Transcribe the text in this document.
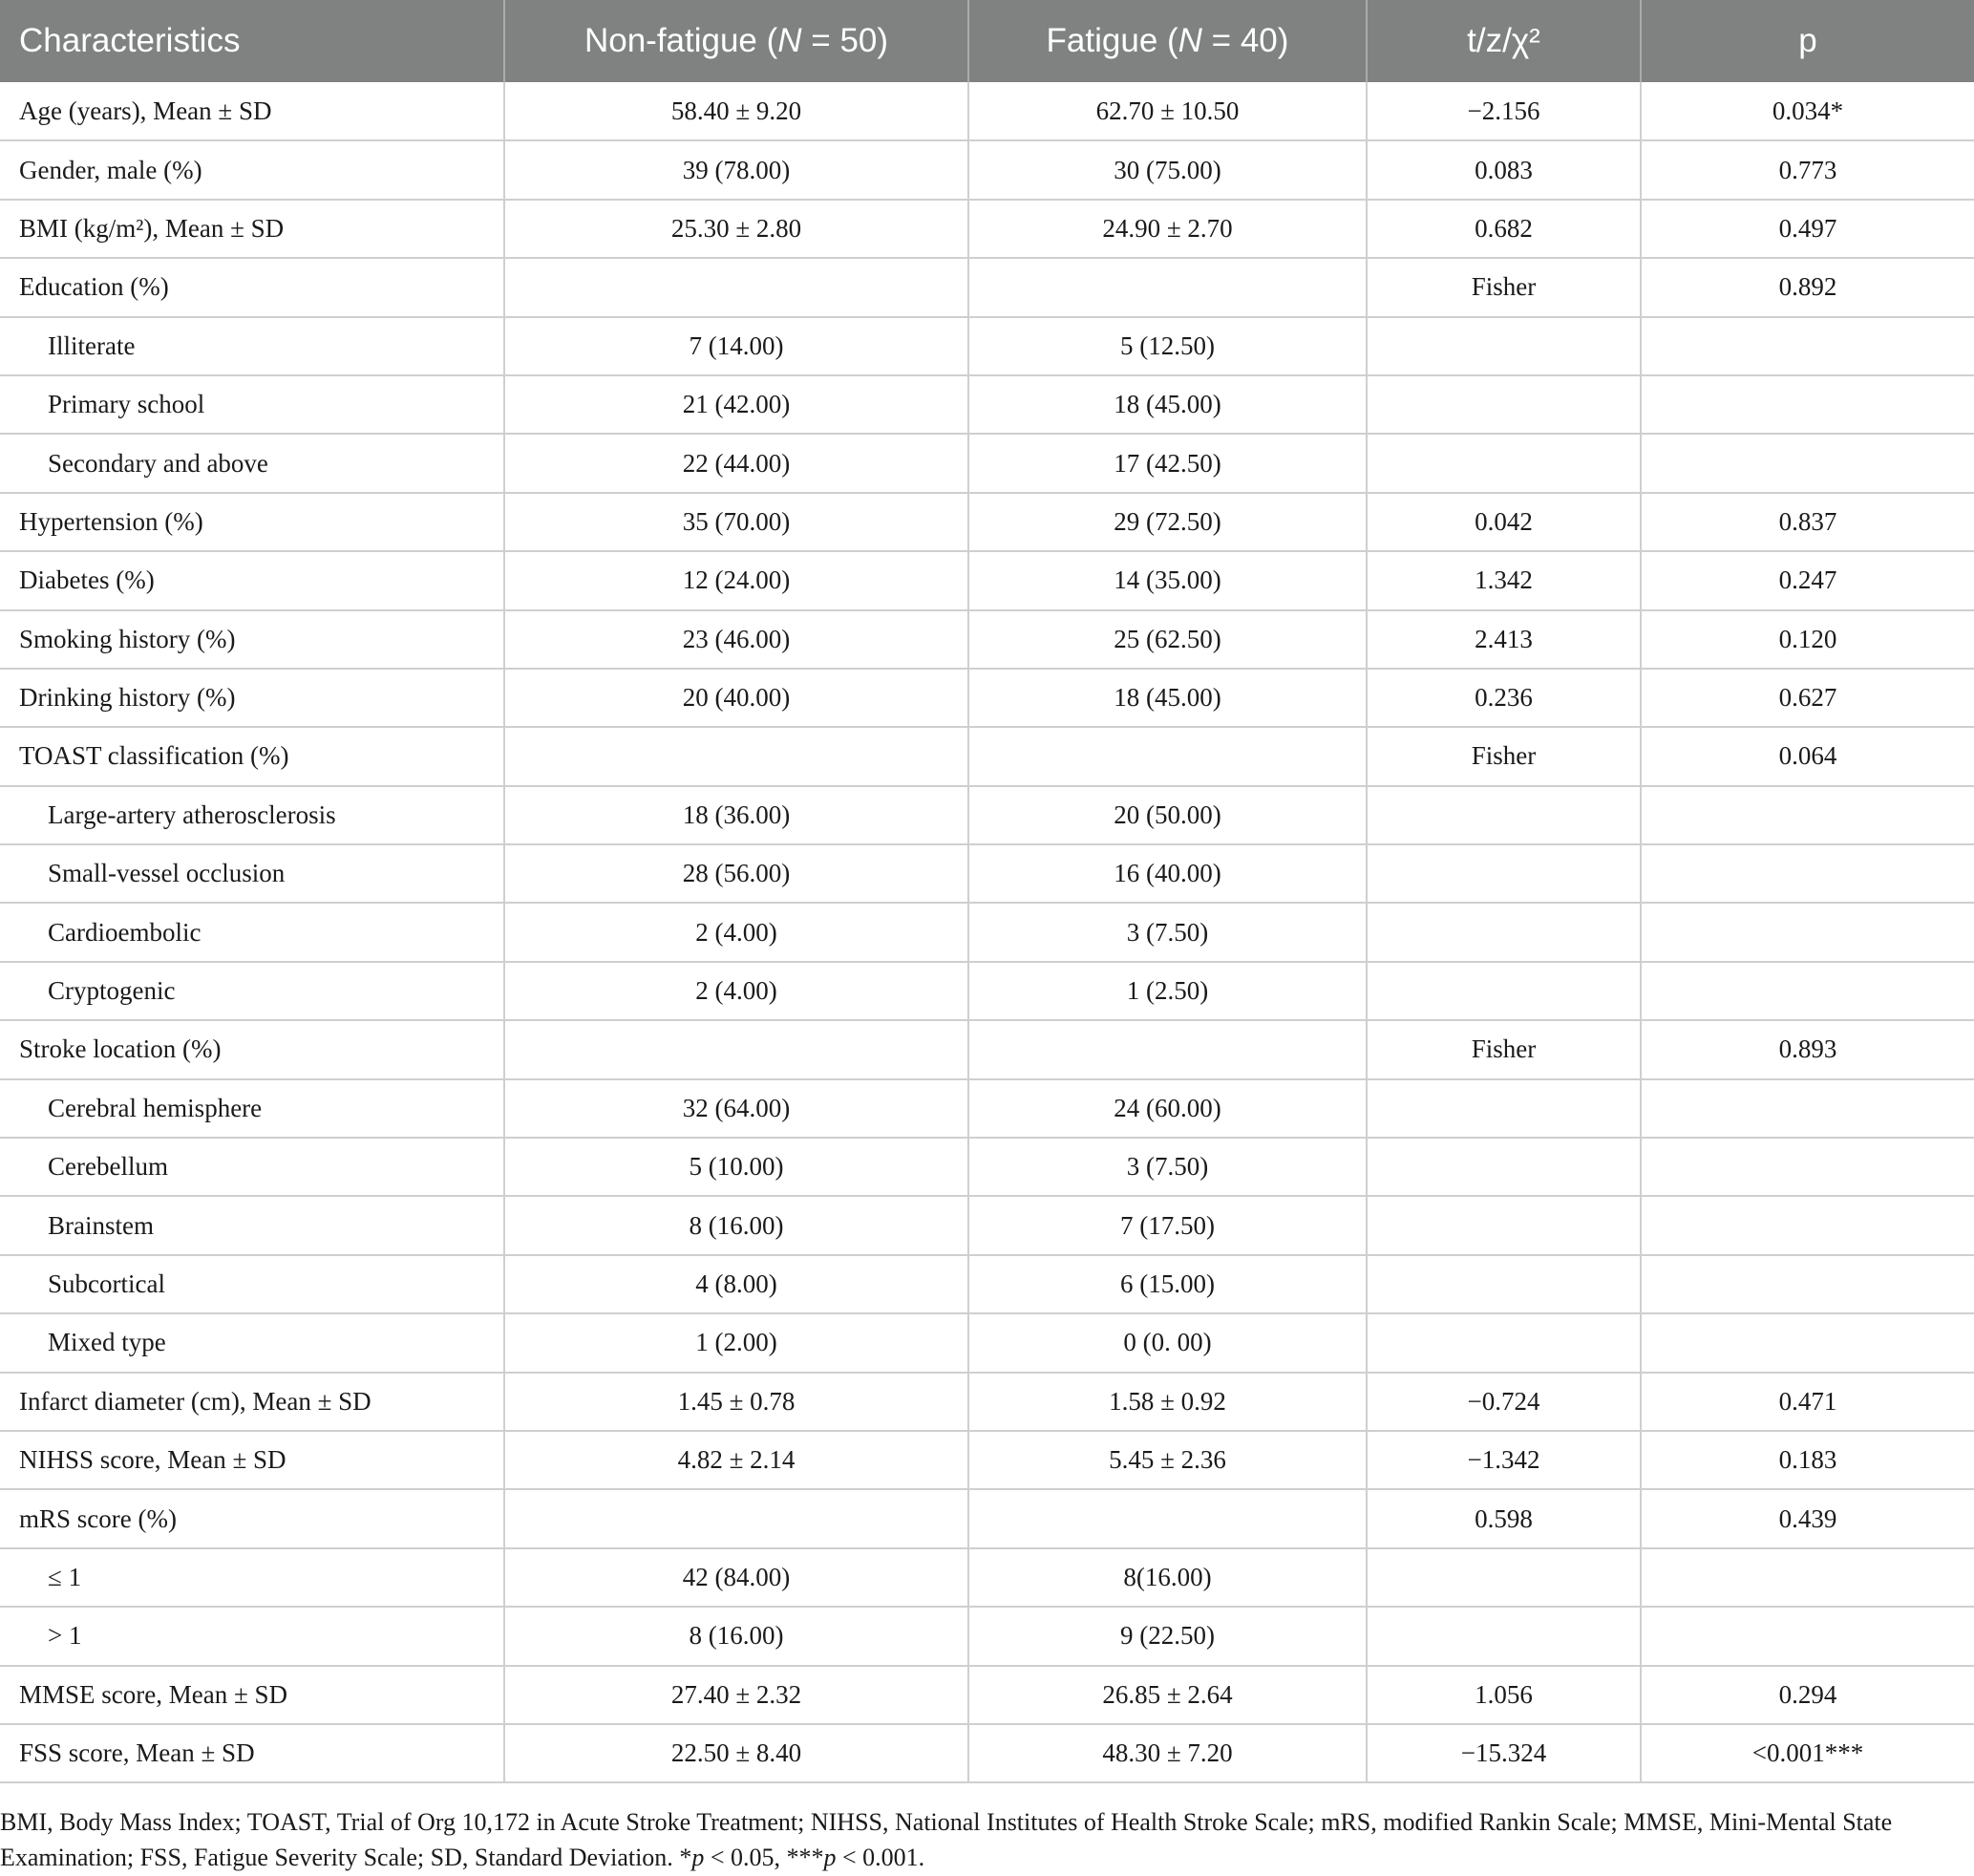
Characteristics	Non-fatigue (N = 50)	Fatigue (N = 40)	t/z/χ²	p
Age (years), Mean ± SD	58.40 ± 9.20	62.70 ± 10.50	−2.156	0.034*
Gender, male (%)	39 (78.00)	30 (75.00)	0.083	0.773
BMI (kg/m²), Mean ± SD	25.30 ± 2.80	24.90 ± 2.70	0.682	0.497
Education (%)			Fisher	0.892
Illiterate	7 (14.00)	5 (12.50)		
Primary school	21 (42.00)	18 (45.00)		
Secondary and above	22 (44.00)	17 (42.50)		
Hypertension (%)	35 (70.00)	29 (72.50)	0.042	0.837
Diabetes (%)	12 (24.00)	14 (35.00)	1.342	0.247
Smoking history (%)	23 (46.00)	25 (62.50)	2.413	0.120
Drinking history (%)	20 (40.00)	18 (45.00)	0.236	0.627
TOAST classification (%)			Fisher	0.064
Large-artery atherosclerosis	18 (36.00)	20 (50.00)		
Small-vessel occlusion	28 (56.00)	16 (40.00)		
Cardioembolic	2 (4.00)	3 (7.50)		
Cryptogenic	2 (4.00)	1 (2.50)		
Stroke location (%)			Fisher	0.893
Cerebral hemisphere	32 (64.00)	24 (60.00)		
Cerebellum	5 (10.00)	3 (7.50)		
Brainstem	8 (16.00)	7 (17.50)		
Subcortical	4 (8.00)	6 (15.00)		
Mixed type	1 (2.00)	0 (0. 00)		
Infarct diameter (cm), Mean ± SD	1.45 ± 0.78	1.58 ± 0.92	−0.724	0.471
NIHSS score, Mean ± SD	4.82 ± 2.14	5.45 ± 2.36	−1.342	0.183
mRS score (%)			0.598	0.439
≤ 1	42 (84.00)	8(16.00)		
> 1	8 (16.00)	9 (22.50)		
MMSE score, Mean ± SD	27.40 ± 2.32	26.85 ± 2.64	1.056	0.294
FSS score, Mean ± SD	22.50 ± 8.40	48.30 ± 7.20	−15.324	<0.001***

BMI, Body Mass Index; TOAST, Trial of Org 10,172 in Acute Stroke Treatment; NIHSS, National Institutes of Health Stroke Scale; mRS, modified Rankin Scale; MMSE, Mini-Mental State Examination; FSS, Fatigue Severity Scale; SD, Standard Deviation. *p < 0.05, ***p < 0.001.
